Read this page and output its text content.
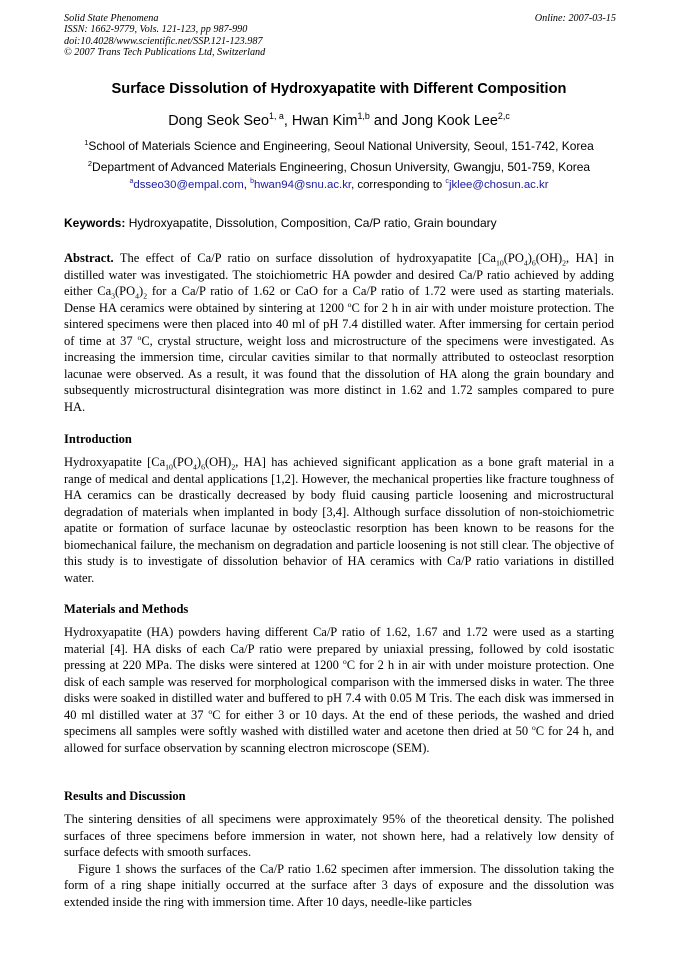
Solid State Phenomena
ISSN: 1662-9779, Vols. 121-123, pp 987-990
doi:10.4028/www.scientific.net/SSP.121-123.987
© 2007 Trans Tech Publications Ltd, Switzerland
Online: 2007-03-15
Surface Dissolution of Hydroxyapatite with Different Composition
Dong Seok Seo$^{1, a}$, Hwan Kim$^{1,b}$ and Jong Kook Lee$^{2,c}$
$^1$School of Materials Science and Engineering, Seoul National University, Seoul, 151-742, Korea
$^2$Department of Advanced Materials Engineering, Chosun University, Gwangju, 501-759, Korea
$^a$dsseo30@empal.com, $^b$hwan94@snu.ac.kr, corresponding to $^c$jklee@chosun.ac.kr
Keywords: Hydroxyapatite, Dissolution, Composition, Ca/P ratio, Grain boundary

Abstract. The effect of Ca/P ratio on surface dissolution of hydroxyapatite [$Ca_{10}(PO_4)_6(OH)_2$, HA] in distilled water was investigated. The stoichiometric HA powder and desired Ca/P ratio achieved by adding either $Ca_3(PO_4)_2$ for a Ca/P ratio of 1.62 or CaO for a Ca/P ratio of 1.72 were used as starting materials. Dense HA ceramics were obtained by sintering at 1200 $^o$C for 2 h in air with under moisture protection. The sintered specimens were then placed into 40 ml of pH 7.4 distilled water. After immersing for certain period of time at 37 $^o$C, crystal structure, weight loss and microstructure of the specimens were investigated. As increasing the immersion time, circular cavities similar to that normally attributed to osteoclast resorption lacunae were observed. As a result, it was found that the dissolution of HA along the grain boundary and subsequently microstructural disintegration was more distinct in 1.62 and 1.72 samples compared to pure HA.

Introduction

Hydroxyapatite [$Ca_{10}(PO_4)_6(OH)_2$, HA] has achieved significant application as a bone graft material in a range of medical and dental applications [1,2]. However, the mechanical properties like fracture toughness of HA ceramics can be drastically decreased by body fluid causing particle loosening and microstructural degradation of materials when implanted in body [3,4]. Although surface dissolution of non-stoichiometric apatite or formation of surface lacunae by osteoclastic resorption has been known to be reasons for the biomechanical failure, the mechanism on degradation and particle loosening is not still clear. The objective of this study is to investigate of dissolution behavior of HA ceramics with Ca/P ratio variations in distilled water.

Materials and Methods

Hydroxyapatite (HA) powders having different Ca/P ratio of 1.62, 1.67 and 1.72 were used as a starting material [4]. HA disks of each Ca/P ratio were prepared by uniaxial pressing, followed by cold isostatic pressing at 220 MPa. The disks were sintered at 1200 $^o$C for 2 h in air with under moisture protection. One disk of each sample was reserved for morphological comparison with the immersed disks in water. The three disks were soaked in distilled water and buffered to pH 7.4 with 0.05 M Tris. The each disk was immersed in 40 ml distilled water at 37 $^o$C for either 3 or 10 days. At the end of these periods, the washed and dried specimens all samples were softly washed with distilled water and acetone then dried at 50 $^o$C for 24 h, and allowed for surface observation by scanning electron microscope (SEM).

Results and Discussion

The sintering densities of all specimens were approximately 95% of the theoretical density. The polished surfaces of three specimens before immersion in water, not shown here, had a relatively low density of surface defects with smooth surfaces.

Figure 1 shows the surfaces of the Ca/P ratio 1.62 specimen after immersion. The dissolution taking the form of a ring shape initially occurred at the surface after 3 days of exposure and the dissolution was extended inside the ring with immersion time. After 10 days, needle-like particles
